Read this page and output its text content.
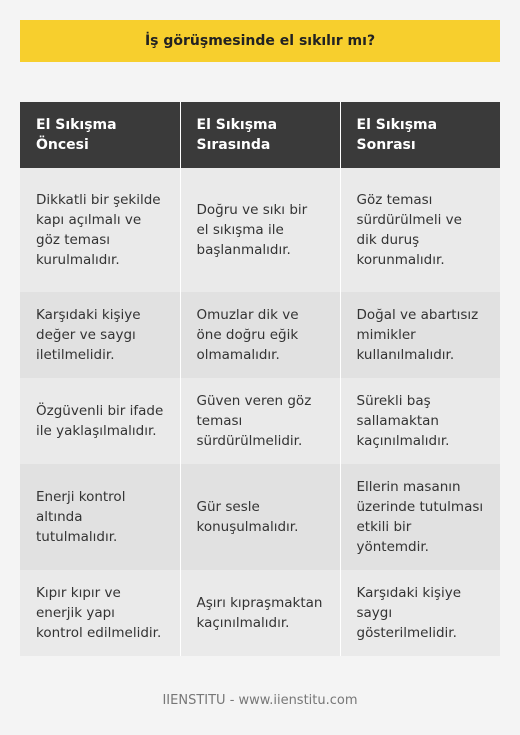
İş görüşmesinde el sıkılır mı?
El Sıkışma Öncesi	El Sıkışma Sırasında	El Sıkışma Sonrası
Dikkatli bir şekilde kapı açılmalı ve göz teması kurulmalıdır.	Doğru ve sıkı bir el sıkışma ile başlanmalıdır.	Göz teması sürdürülmeli ve dik duruş korunmalıdır.
Karşıdaki kişiye değer ve saygı iletilmelidir.	Omuzlar dik ve öne doğru eğik olmamalıdır.	Doğal ve abartısız mimikler kullanılmalıdır.
Özgüvenli bir ifade ile yaklaşılmalıdır.	Güven veren göz teması sürdürülmelidir.	Sürekli baş sallamaktan kaçınılmalıdır.
Enerji kontrol altında tutulmalıdır.	Gür sesle konuşulmalıdır.	Ellerin masanın üzerinde tutulması etkili bir yöntemdir.
Kıpır kıpır ve enerjik yapı kontrol edilmelidir.	Aşırı kıpraşmaktan kaçınılmalıdır.	Karşıdaki kişiye saygı gösterilmelidir.
IIENSTITU - www.iienstitu.com
